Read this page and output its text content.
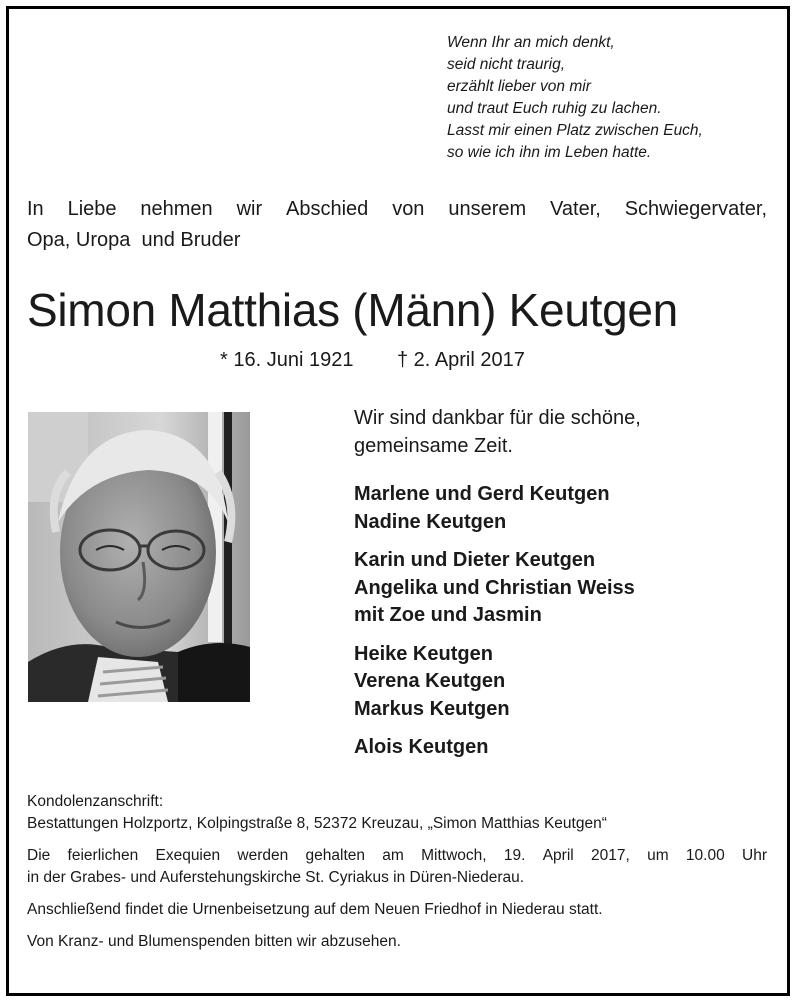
Wenn Ihr an mich denkt,
seid nicht traurig,
erzählt lieber von mir
und traut Euch ruhig zu lachen.
Lasst mir einen Platz zwischen Euch,
so wie ich ihn im Leben hatte.
In Liebe nehmen wir Abschied von unserem Vater, Schwiegervater,
Opa, Uropa  und Bruder
Simon Matthias (Männ) Keutgen
* 16. Juni 1921 † 2. April 2017
Wir sind dankbar für die schöne,
gemeinsame Zeit.
Marlene und Gerd Keutgen
Nadine Keutgen
Karin und Dieter Keutgen
Angelika und Christian Weiss
mit Zoe und Jasmin
Heike Keutgen
Verena Keutgen
Markus Keutgen
Alois Keutgen

Kondolenzanschrift:
Bestattungen Holzportz, Kolpingstraße 8, 52372 Kreuzau, „Simon Matthias Keutgen“

Die feierlichen Exequien werden gehalten am Mittwoch, 19. April 2017, um 10.00 Uhr
in der Grabes- und Auferstehungskirche St. Cyriakus in Düren-Niederau.

Anschließend findet die Urnenbeisetzung auf dem Neuen Friedhof in Niederau statt.

Von Kranz- und Blumenspenden bitten wir abzusehen.
